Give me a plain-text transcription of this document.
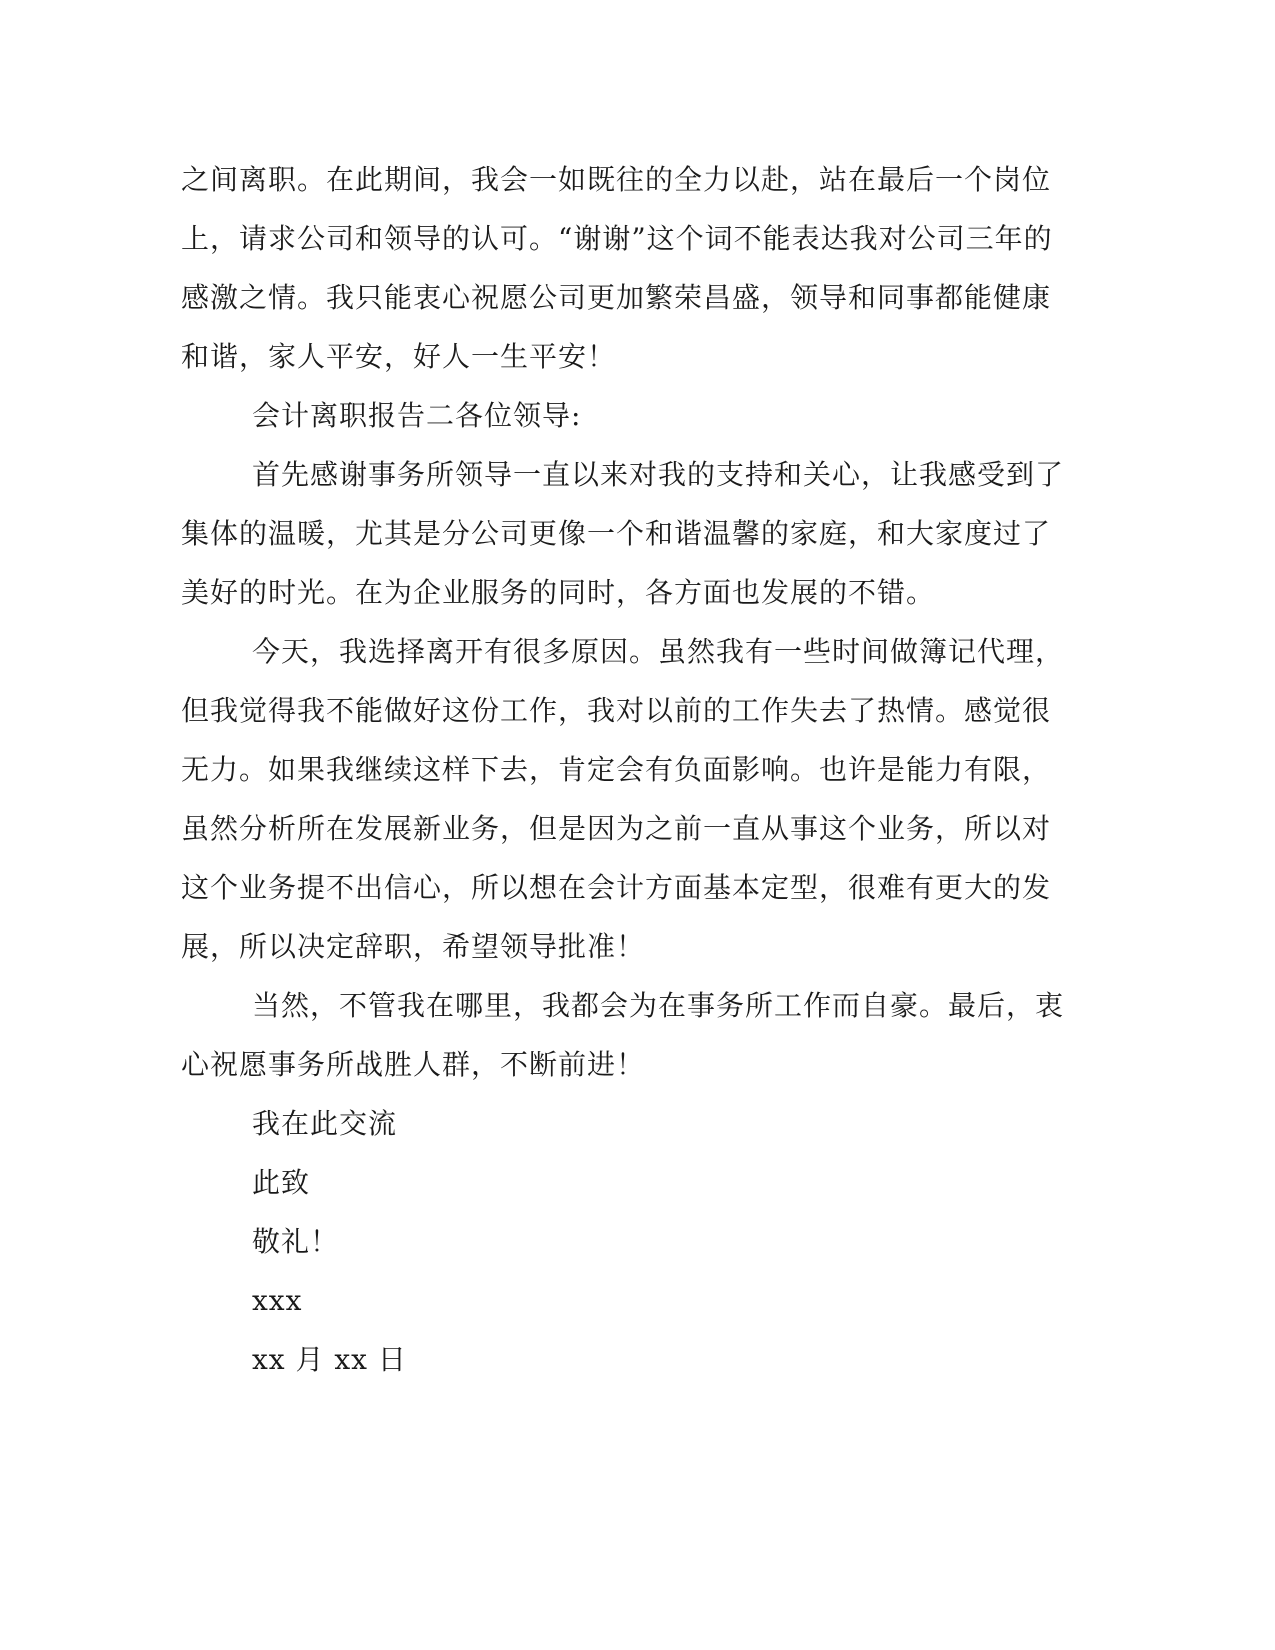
之间离职。在此期间，我会一如既往的全力以赴，站在最后一个岗位

上，请求公司和领导的认可。“谢谢”这个词不能表达我对公司三年的

感激之情。我只能衷心祝愿公司更加繁荣昌盛，领导和同事都能健康

和谐，家人平安，好人一生平安！

会计离职报告二各位领导:

首先感谢事务所领导一直以来对我的支持和关心，让我感受到了

集体的温暖，尤其是分公司更像一个和谐温馨的家庭，和大家度过了

美好的时光。在为企业服务的同时，各方面也发展的不错。

今天，我选择离开有很多原因。虽然我有一些时间做簿记代理，

但我觉得我不能做好这份工作，我对以前的工作失去了热情。感觉很

无力。如果我继续这样下去，肯定会有负面影响。也许是能力有限，

虽然分析所在发展新业务，但是因为之前一直从事这个业务，所以对

这个业务提不出信心，所以想在会计方面基本定型，很难有更大的发

展，所以决定辞职，希望领导批准！

当然，不管我在哪里，我都会为在事务所工作而自豪。最后，衷

心祝愿事务所战胜人群，不断前进！

我在此交流

此致

敬礼！

xxx

xx 月 xx 日
